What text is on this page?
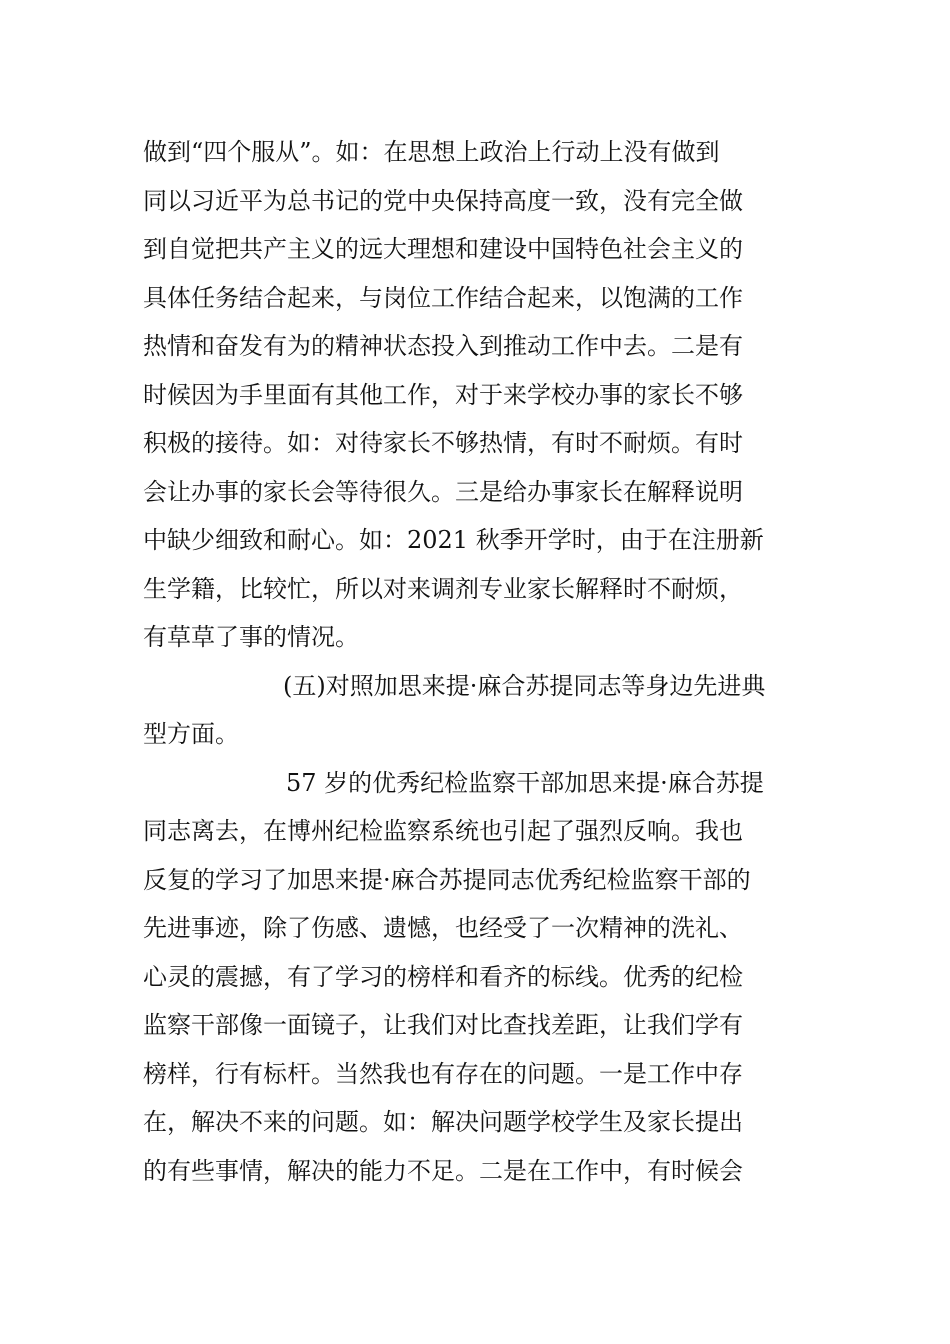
做到“四个服从”。如：在思想上政治上行动上没有做到
同以习近平为总书记的党中央保持高度一致，没有完全做
到自觉把共产主义的远大理想和建设中国特色社会主义的
具体任务结合起来，与岗位工作结合起来，以饱满的工作
热情和奋发有为的精神状态投入到推动工作中去。二是有
时候因为手里面有其他工作，对于来学校办事的家长不够
积极的接待。如：对待家长不够热情，有时不耐烦。有时
会让办事的家长会等待很久。三是给办事家长在解释说明
中缺少细致和耐心。如：2021 秋季开学时，由于在注册新
生学籍，比较忙，所以对来调剂专业家长解释时不耐烦，
有草草了事的情况。
(五)对照加思来提·麻合苏提同志等身边先进典
型方面。
57 岁的优秀纪检监察干部加思来提·麻合苏提
同志离去，在博州纪检监察系统也引起了强烈反响。我也
反复的学习了加思来提·麻合苏提同志优秀纪检监察干部的
先进事迹，除了伤感、遗憾，也经受了一次精神的洗礼、
心灵的震撼，有了学习的榜样和看齐的标线。优秀的纪检
监察干部像一面镜子，让我们对比查找差距，让我们学有
榜样，行有标杆。当然我也有存在的问题。一是工作中存
在，解决不来的问题。如：解决问题学校学生及家长提出
的有些事情，解决的能力不足。二是在工作中，有时候会
